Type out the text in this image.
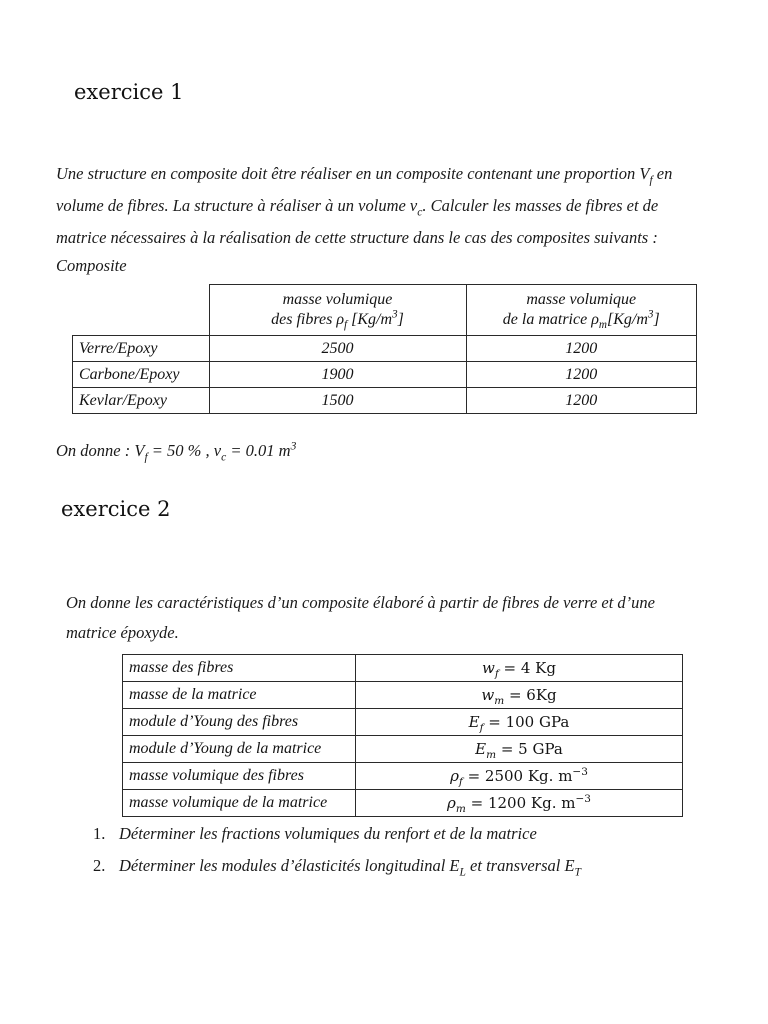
exercice 1
Une structure en composite doit être réaliser en un composite contenant une proportion $V_f$ en
volume de fibres. La structure à réaliser à un volume $v_c$. Calculer les masses de fibres et de
matrice nécessaires à la réalisation de cette structure dans le cas des composites suivants :
Composite
	masse volumique
des fibres $\rho_f$ $[Kg/m^3]$	masse volumique
de la matrice $\rho_m[Kg/m^3]$
Verre/Epoxy	2500	1200
Carbone/Epoxy	1900	1200
Kevlar/Epoxy	1500	1200
On donne : $V_f = 50$ % , $v_c = 0.01$ $m^3$
exercice 2
On donne les caractéristiques d’un composite élaboré à partir de fibres de verre et d’une
matrice époxyde.
masse des fibres	$w_f = 4$ Kg
masse de la matrice	$w_m = 6Kg$
module d’Young des fibres	$E_f = 100$ GPa
module d’Young de la matrice	$E_m = 5$ GPa
masse volumique des fibres	$\rho_f = 2500$ Kg. $m^{-3}$
masse volumique de la matrice	$\rho_m = 1200$ Kg. $m^{-3}$
1. Déterminer les fractions volumiques du renfort et de la matrice
2. Déterminer les modules d’élasticités longitudinal $E_L$ et transversal $E_T$
